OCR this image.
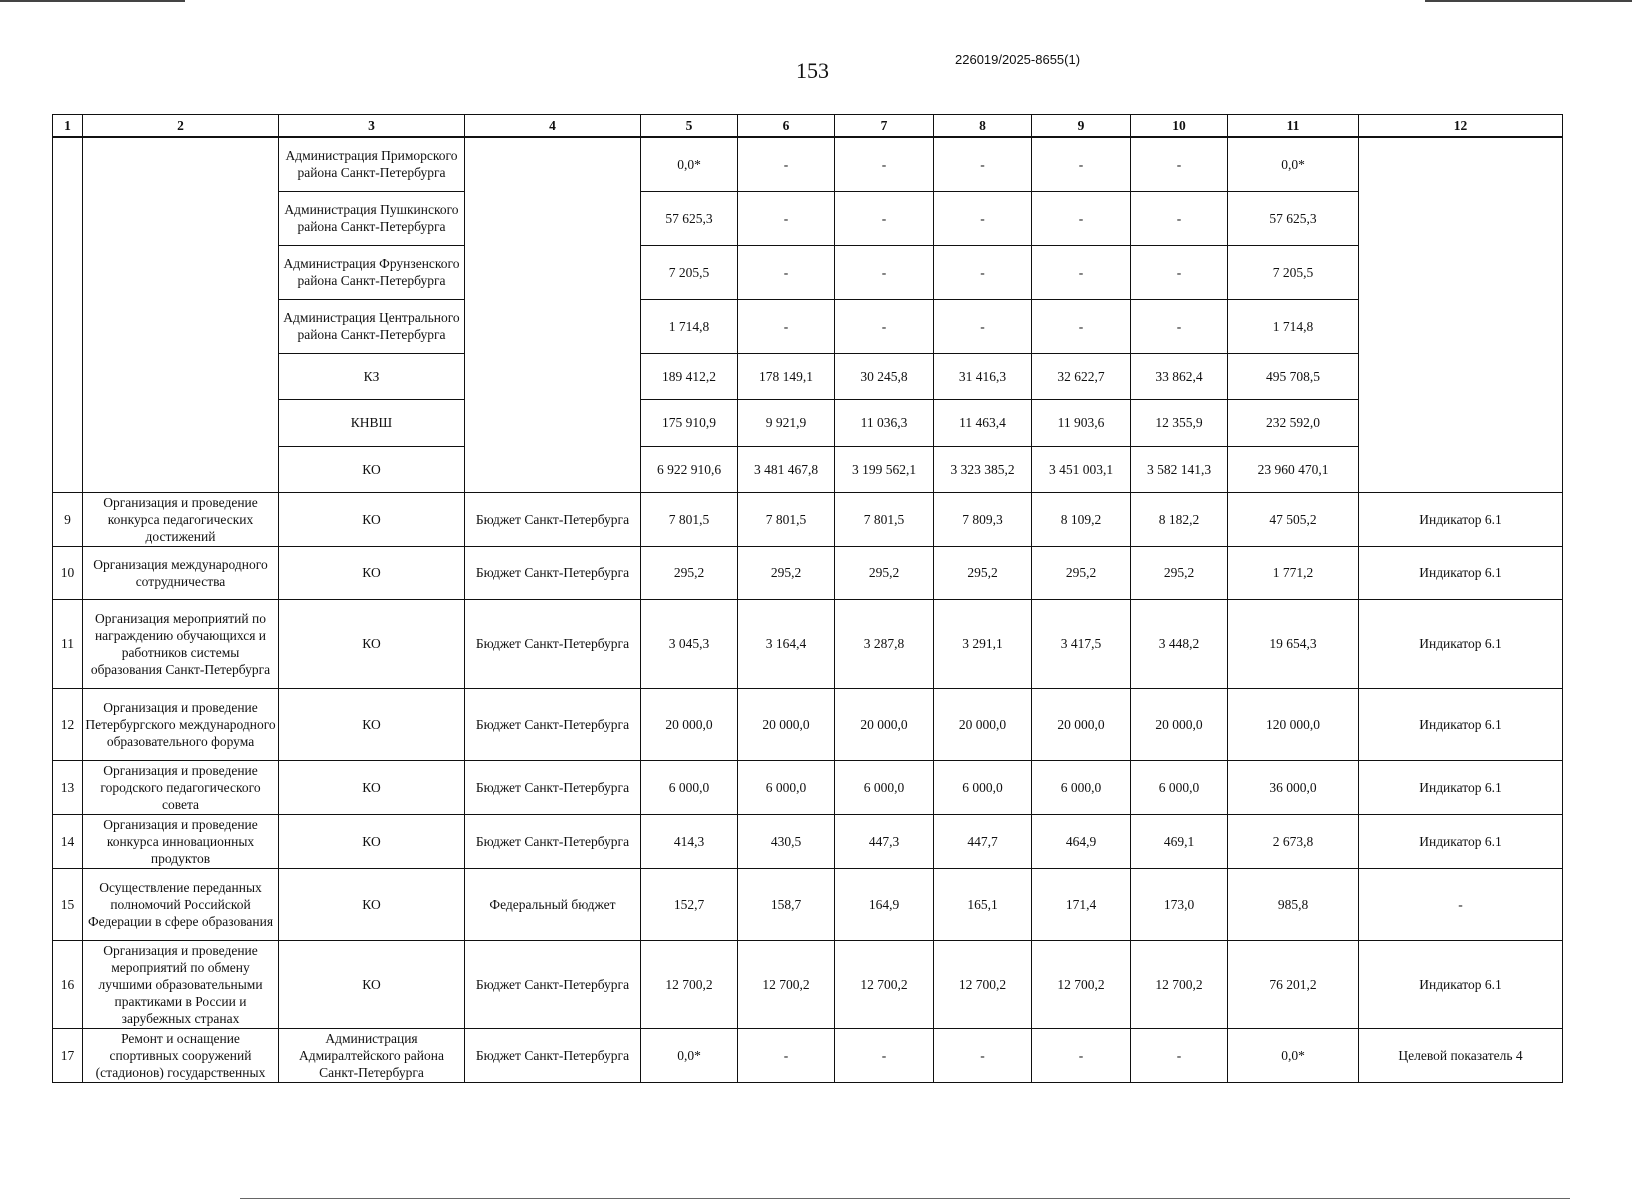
153	226019/2025-8655(1)
1	2	3	4	5	6	7	8	9	10	11	12
		Администрация Приморского района Санкт-Петербурга		0,0*	-	-	-	-	-	0,0*	
		Администрация Пушкинского района Санкт-Петербурга		57 625,3	-	-	-	-	-	57 625,3	
		Администрация Фрунзенского района Санкт-Петербурга		7 205,5	-	-	-	-	-	7 205,5	
		Администрация Центрального района Санкт-Петербурга		1 714,8	-	-	-	-	-	1 714,8	
		КЗ		189 412,2	178 149,1	30 245,8	31 416,3	32 622,7	33 862,4	495 708,5	
		КНВШ		175 910,9	9 921,9	11 036,3	11 463,4	11 903,6	12 355,9	232 592,0	
		КО		6 922 910,6	3 481 467,8	3 199 562,1	3 323 385,2	3 451 003,1	3 582 141,3	23 960 470,1	
9	Организация и проведение конкурса педагогических достижений	КО	Бюджет Санкт-Петербурга	7 801,5	7 801,5	7 801,5	7 809,3	8 109,2	8 182,2	47 505,2	Индикатор 6.1
10	Организация международного сотрудничества	КО	Бюджет Санкт-Петербурга	295,2	295,2	295,2	295,2	295,2	295,2	1 771,2	Индикатор 6.1
11	Организация мероприятий по награждению обучающихся и работников системы образования Санкт-Петербурга	КО	Бюджет Санкт-Петербурга	3 045,3	3 164,4	3 287,8	3 291,1	3 417,5	3 448,2	19 654,3	Индикатор 6.1
12	Организация и проведение Петербургского международного образовательного форума	КО	Бюджет Санкт-Петербурга	20 000,0	20 000,0	20 000,0	20 000,0	20 000,0	20 000,0	120 000,0	Индикатор 6.1
13	Организация и проведение городского педагогического совета	КО	Бюджет Санкт-Петербурга	6 000,0	6 000,0	6 000,0	6 000,0	6 000,0	6 000,0	36 000,0	Индикатор 6.1
14	Организация и проведение конкурса инновационных продуктов	КО	Бюджет Санкт-Петербурга	414,3	430,5	447,3	447,7	464,9	469,1	2 673,8	Индикатор 6.1
15	Осуществление переданных полномочий Российской Федерации в сфере образования	КО	Федеральный бюджет	152,7	158,7	164,9	165,1	171,4	173,0	985,8	-
16	Организация и проведение мероприятий по обмену лучшими образовательными практиками в России и зарубежных странах	КО	Бюджет Санкт-Петербурга	12 700,2	12 700,2	12 700,2	12 700,2	12 700,2	12 700,2	76 201,2	Индикатор 6.1
17	Ремонт и оснащение спортивных сооружений (стадионов) государственных	Администрация Адмиралтейского района Санкт-Петербурга	Бюджет Санкт-Петербурга	0,0*	-	-	-	-	-	0,0*	Целевой показатель 4
